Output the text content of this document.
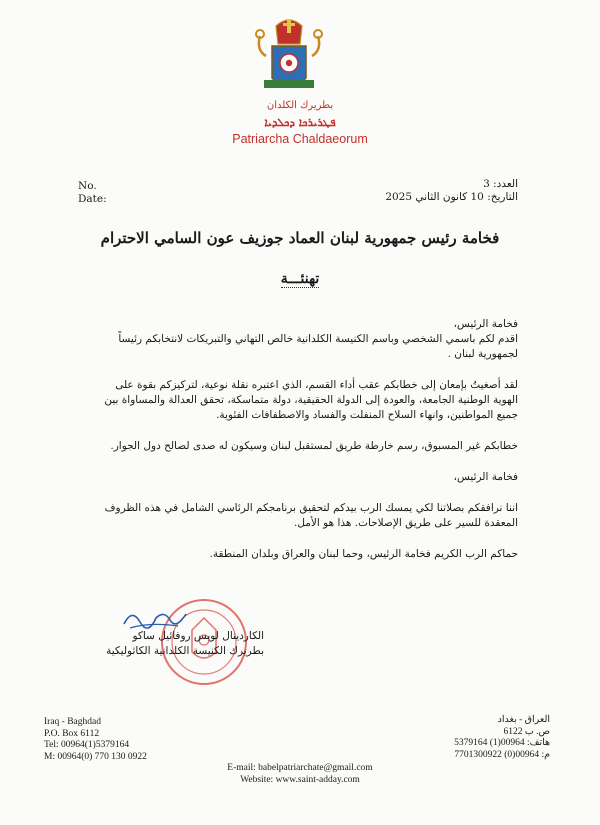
بطريرك الكلدان
ܦܛܪܝܪܟܐ ܕܟܠܕܝܐ
Patriarcha Chaldaeorum
No.
Date:
العدد: 3
التاريخ: 10 كانون الثاني 2025
فخامة رئيس جمهورية لبنان العماد جوزيف عون السامي الاحترام
تهنئـــة

فخامة الرئيس،
اقدم لكم باسمي الشخصي وباسم الكنيسة الكلدانية خالص التهاني والتبريكات لانتخابكم رئيساً لجمهورية لبنان .

لقد أصغيتُ بإمعان إلى خطابكم عقب أداء القسم، الذي اعتبره نقلة نوعية، لتركيزكم بقوة على الهوية الوطنية الجامعة، والعودة إلى الدولة الحقيقية، دولة متماسكة، تحقق العدالة والمساواة بين جميع المواطنين، وانهاء السلاح المنفلت والفساد والاصطفافات الفئوية.

خطابكم غير المسبوق، رسم خارطة طريق لمستقبل لبنان وسيكون له صدى لصالح دول الجوار.

فخامة الرئيس،

اننا نرافقكم بصلاتنا لكي يمسك الرب بيدكم لتحقيق برنامجكم الرئاسي الشامل في هذه الظروف المعقدة للسير على طريق الإصلاحات. هذا هو الأمل.

حماكم الرب الكريم فخامة الرئيس، وحما لبنان والعراق وبلدان المنطقة.

الكاردينال لويس روفائيل ساكو
بطريرك الكنيسة الكلدانية الكاثوليكية
Iraq - Baghdad
P.O. Box 6112
Tel: 00964(1)5379164
M: 00964(0) 770 130 0922
العراق - بغداد
ص. ب 6122
هاتف: 00964(1) 5379164
م: 00964(0) 7701300922
E-mail: babelpatriarchate@gmail.com
Website: www.saint-adday.com
